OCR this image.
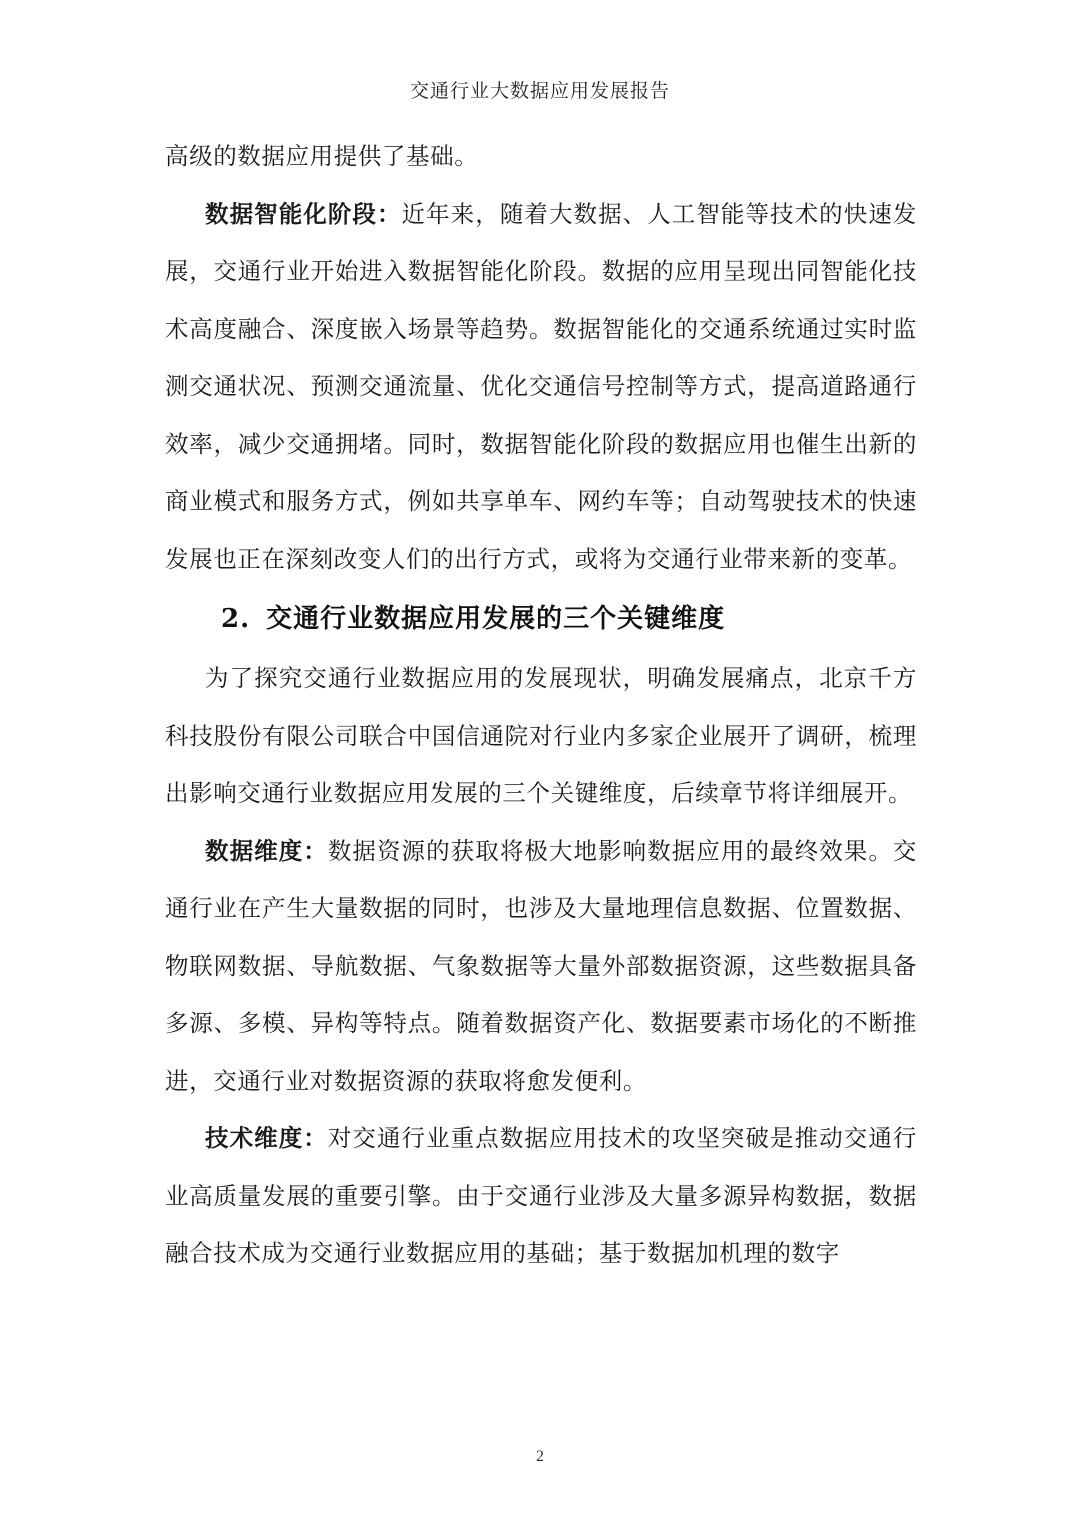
交通行业大数据应用发展报告

高级的数据应用提供了基础。

数据智能化阶段：近年来，随着大数据、人工智能等技术的快速发展，交通行业开始进入数据智能化阶段。数据的应用呈现出同智能化技术高度融合、深度嵌入场景等趋势。数据智能化的交通系统通过实时监测交通状况、预测交通流量、优化交通信号控制等方式，提高道路通行效率，减少交通拥堵。同时，数据智能化阶段的数据应用也催生出新的商业模式和服务方式，例如共享单车、网约车等；自动驾驶技术的快速发展也正在深刻改变人们的出行方式，或将为交通行业带来新的变革。

2. 交通行业数据应用发展的三个关键维度

为了探究交通行业数据应用的发展现状，明确发展痛点，北京千方科技股份有限公司联合中国信通院对行业内多家企业展开了调研，梳理出影响交通行业数据应用发展的三个关键维度，后续章节将详细展开。

数据维度：数据资源的获取将极大地影响数据应用的最终效果。交通行业在产生大量数据的同时，也涉及大量地理信息数据、位置数据、物联网数据、导航数据、气象数据等大量外部数据资源，这些数据具备多源、多模、异构等特点。随着数据资产化、数据要素市场化的不断推进，交通行业对数据资源的获取将愈发便利。

技术维度：对交通行业重点数据应用技术的攻坚突破是推动交通行业高质量发展的重要引擎。由于交通行业涉及大量多源异构数据，数据融合技术成为交通行业数据应用的基础；基于数据加机理的数字

2
